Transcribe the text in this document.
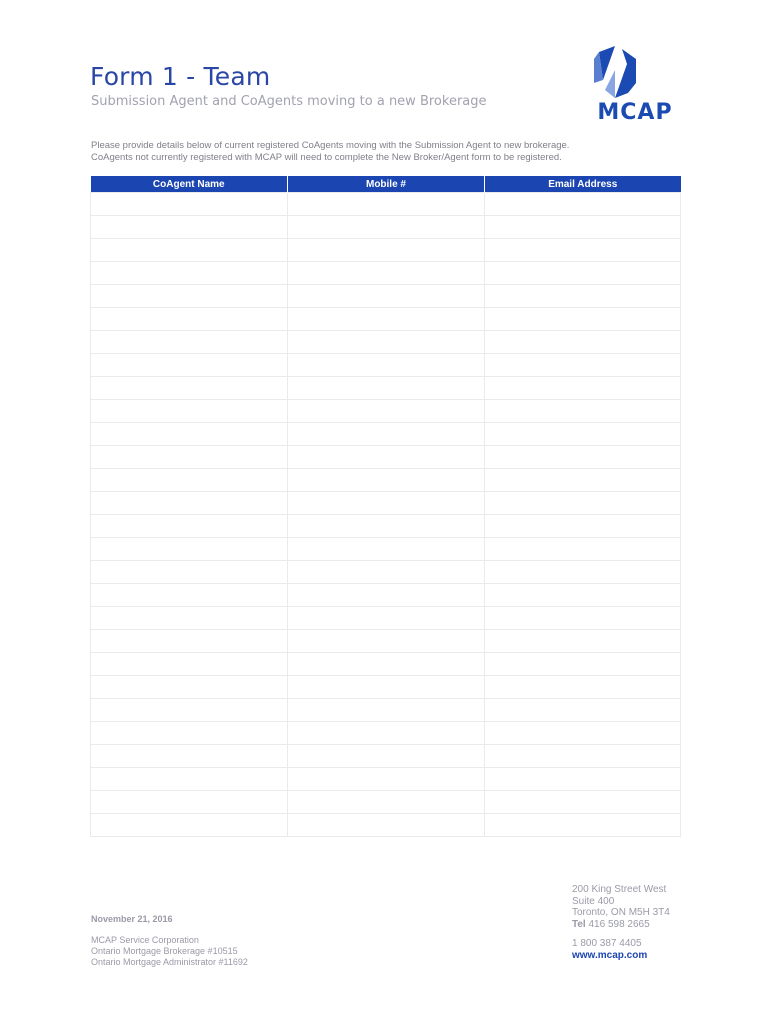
Form 1 - Team
Submission Agent and CoAgents moving to a new Brokerage	MCAP
Please provide details below of current registered CoAgents moving with the Submission Agent to new brokerage.
CoAgents not currently registered with MCAP will need to complete the New Broker/Agent form to be registered.
CoAgent Name	Mobile #	Email Address

November 21, 2016
MCAP Service Corporation
Ontario Mortgage Brokerage #10515
Ontario Mortgage Administrator #11692
200 King Street West
Suite 400
Toronto, ON M5H 3T4
Tel 416 598 2665
1 800 387 4405
www.mcap.com
